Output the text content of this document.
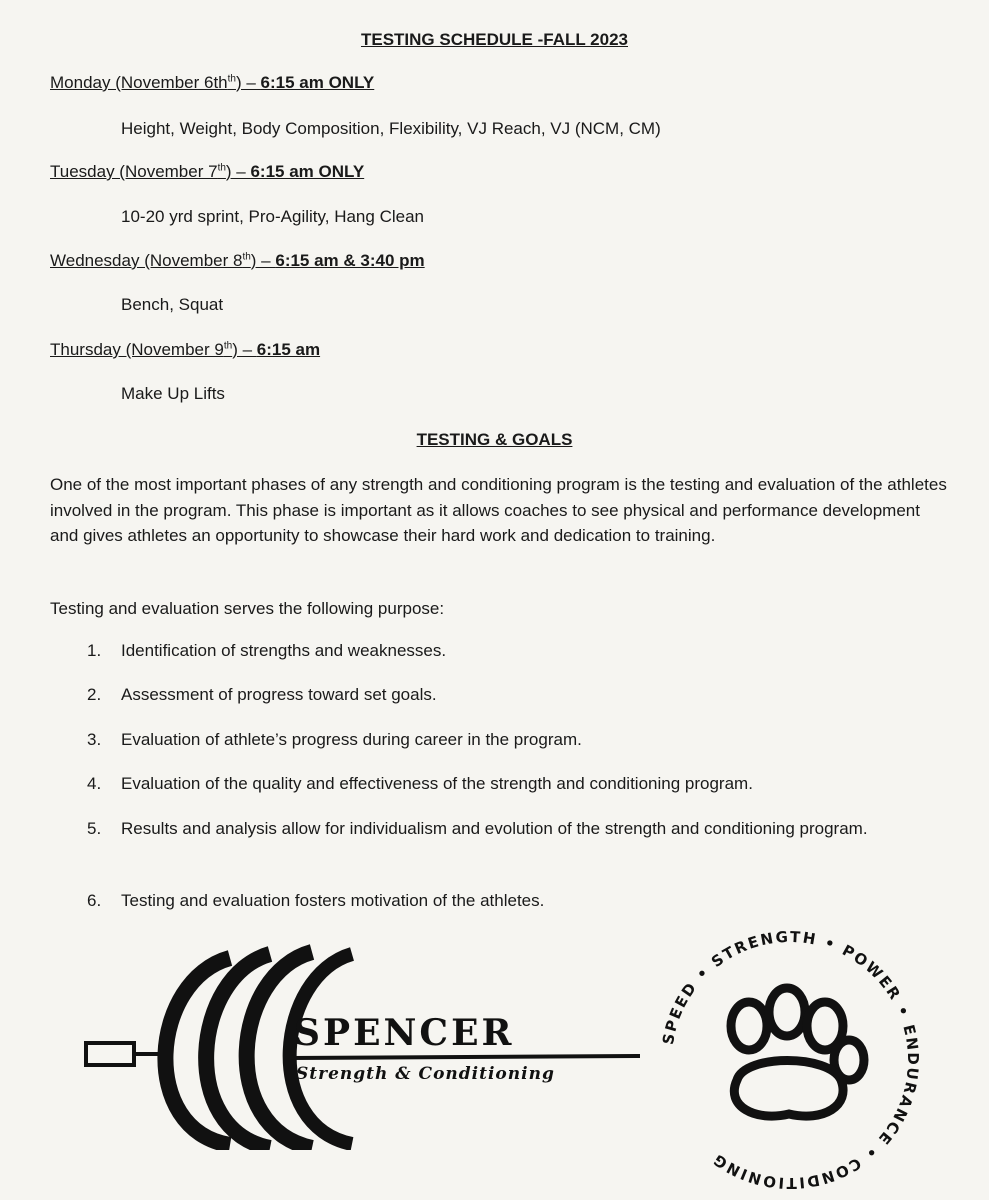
TESTING SCHEDULE -FALL 2023
Monday (November $6th^{th}$) – 6:15 am ONLY
Height, Weight, Body Composition, Flexibility, VJ Reach, VJ (NCM, CM)
Tuesday (November 7th) – 6:15 am ONLY
10-20 yrd sprint, Pro-Agility, Hang Clean
Wednesday (November 8th) – 6:15 am & 3:40 pm
Bench, Squat
Thursday (November 9th) – 6:15 am
Make Up Lifts
TESTING & GOALS
One of the most important phases of any strength and conditioning program is the testing and evaluation of the athletes involved in the program. This phase is important as it allows coaches to see physical and performance development and gives athletes an opportunity to showcase their hard work and dedication to training.
Testing and evaluation serves the following purpose:
1.	Identification of strengths and weaknesses.
2.	Assessment of progress toward set goals.
3.	Evaluation of athlete’s progress during career in the program.
4.	Evaluation of the quality and effectiveness of the strength and conditioning program.
5.	Results and analysis allow for individualism and evolution of the strength and conditioning program.
6.	Testing and evaluation fosters motivation of the athletes.
SPENCER
Strength & Conditioning
SPEED • STRENGTH • POWER • ENDURANCE • CONDITIONING
